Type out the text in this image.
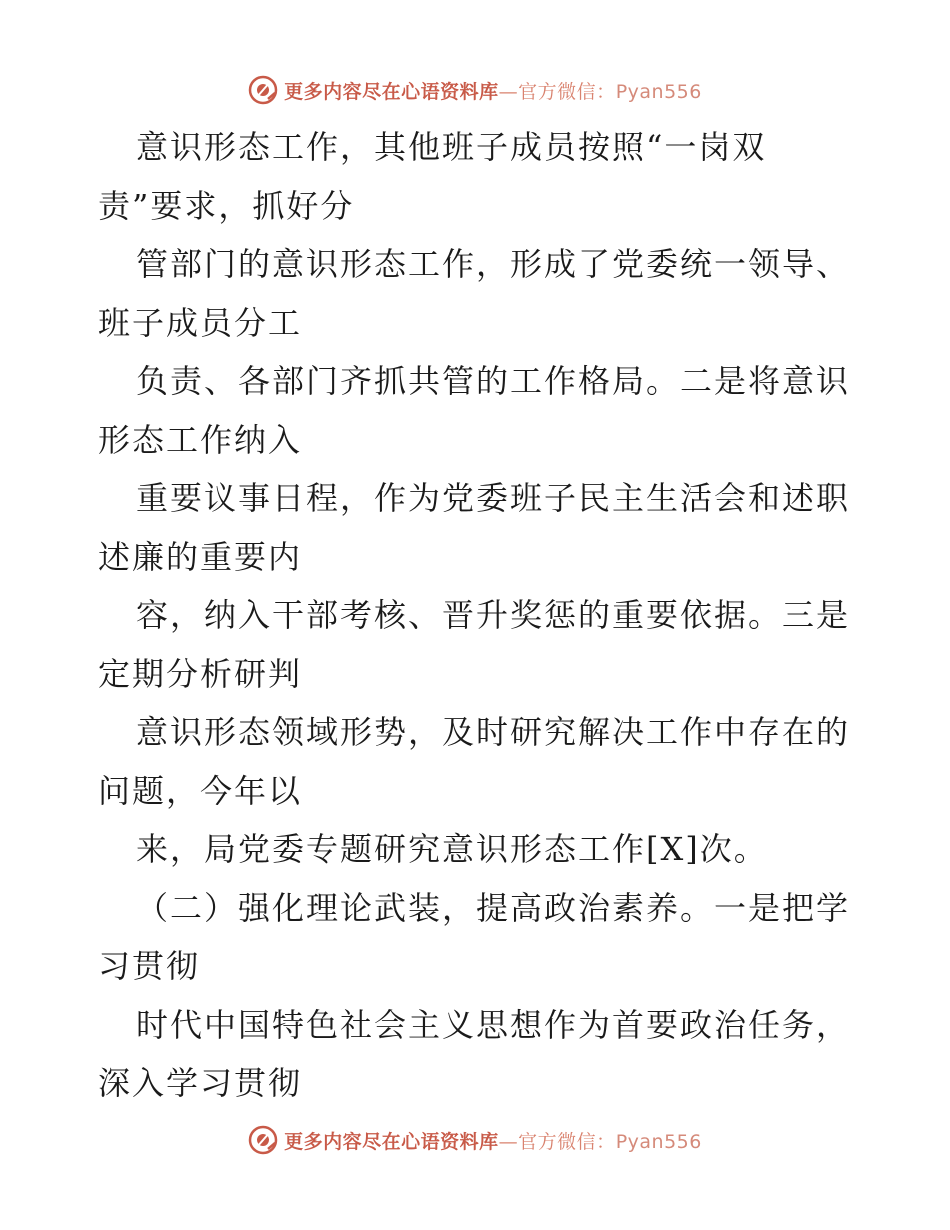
更多内容尽在心语资料库—官方微信：Pyan556
意识形态工作，其他班子成员按照“一岗双
责”要求，抓好分
管部门的意识形态工作，形成了党委统一领导、
班子成员分工
负责、各部门齐抓共管的工作格局。二是将意识
形态工作纳入
重要议事日程，作为党委班子民主生活会和述职
述廉的重要内
容，纳入干部考核、晋升奖惩的重要依据。三是
定期分析研判
意识形态领域形势，及时研究解决工作中存在的
问题，今年以
来，局党委专题研究意识形态工作[X]次。
（二）强化理论武装，提高政治素养。一是把学
习贯彻
时代中国特色社会主义思想作为首要政治任务，
深入学习贯彻
更多内容尽在心语资料库—官方微信：Pyan556
